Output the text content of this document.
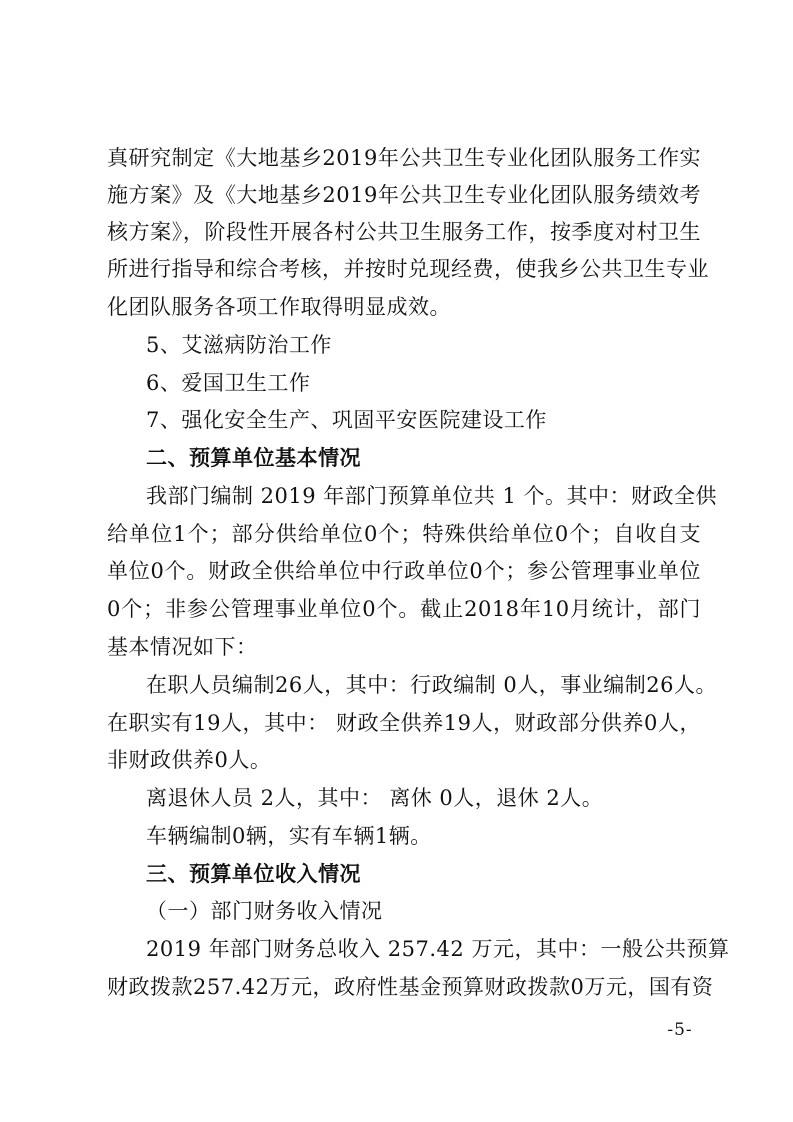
真研究制定《大地基乡2019年公共卫生专业化团队服务工作实
施方案》及《大地基乡2019年公共卫生专业化团队服务绩效考
核方案》，阶段性开展各村公共卫生服务工作，按季度对村卫生
所进行指导和综合考核，并按时兑现经费，使我乡公共卫生专业
化团队服务各项工作取得明显成效。
5、艾滋病防治工作
6、爱国卫生工作
7、强化安全生产、巩固平安医院建设工作
二、预算单位基本情况
我部门编制 2019 年部门预算单位共 1 个。其中：财政全供
给单位1个；部分供给单位0个；特殊供给单位0个；自收自支
单位0个。财政全供给单位中行政单位0个；参公管理事业单位
0个；非参公管理事业单位0个。截止2018年10月统计，部门
基本情况如下：
在职人员编制26人，其中：行政编制 0人，事业编制26人。
在职实有19人，其中： 财政全供养19人，财政部分供养0人，
非财政供养0人。
离退休人员 2人，其中： 离休 0人，退休 2人。
车辆编制0辆，实有车辆1辆。
三、预算单位收入情况
（一）部门财务收入情况
2019 年部门财务总收入 257.42 万元，其中：一般公共预算
财政拨款257.42万元，政府性基金预算财政拨款0万元，国有资
-5-
